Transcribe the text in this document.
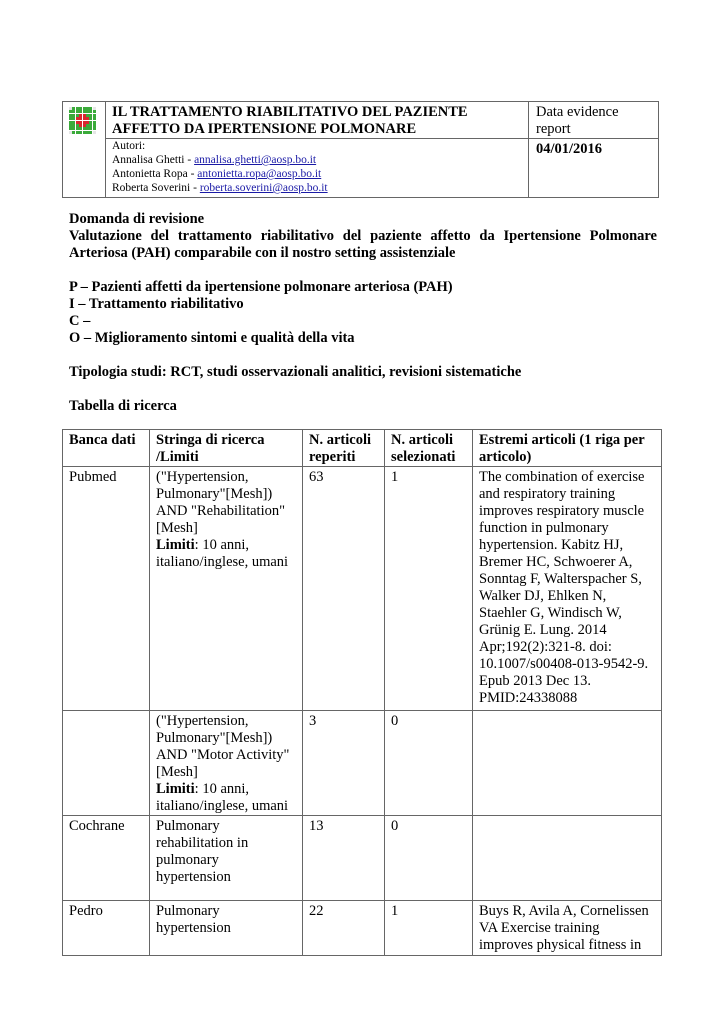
	IL TRATTAMENTO RIABILITATIVO DEL PAZIENTE
AFFETTO DA IPERTENSIONE POLMONARE	Data evidence report

	Autori:
Annalisa Ghetti - annalisa.ghetti@aosp.bo.it
Antonietta Ropa - antonietta.ropa@aosp.bo.it
Roberta Soverini - roberta.soverini@aosp.bo.it	04/01/2016

Domanda di revisione

Valutazione del trattamento riabilitativo del paziente affetto da Ipertensione Polmonare Arteriosa (PAH) comparabile con il nostro setting assistenziale

P – Pazienti affetti da ipertensione polmonare arteriosa (PAH)

I – Trattamento riabilitativo

C –

O – Miglioramento sintomi e qualità della vita

Tipologia studi: RCT, studi osservazionali analitici, revisioni sistematiche

Tabella di ricerca

Banca dati	Stringa di ricerca /Limiti	N. articoli reperiti	N. articoli selezionati	Estremi articoli (1 riga per articolo)
Pubmed	("Hypertension, Pulmonary"[Mesh]) AND "Rehabilitation"[Mesh]
Limiti: 10 anni, italiano/inglese, umani	63	1	The combination of exercise and respiratory training improves respiratory muscle function in pulmonary hypertension. Kabitz HJ, Bremer HC, Schwoerer A, Sonntag F, Walterspacher S, Walker DJ, Ehlken N, Staehler G, Windisch W, Grünig E. Lung. 2014 Apr;192(2):321-8. doi: 10.1007/s00408-013-9542-9. Epub 2013 Dec 13. PMID:24338088
	("Hypertension, Pulmonary"[Mesh]) AND "Motor Activity"[Mesh]
Limiti: 10 anni, italiano/inglese, umani	3	0	
Cochrane	Pulmonary rehabilitation in pulmonary hypertension	13	0	
Pedro	Pulmonary hypertension	22	1	Buys R, Avila A, Cornelissen VA Exercise training improves physical fitness in
